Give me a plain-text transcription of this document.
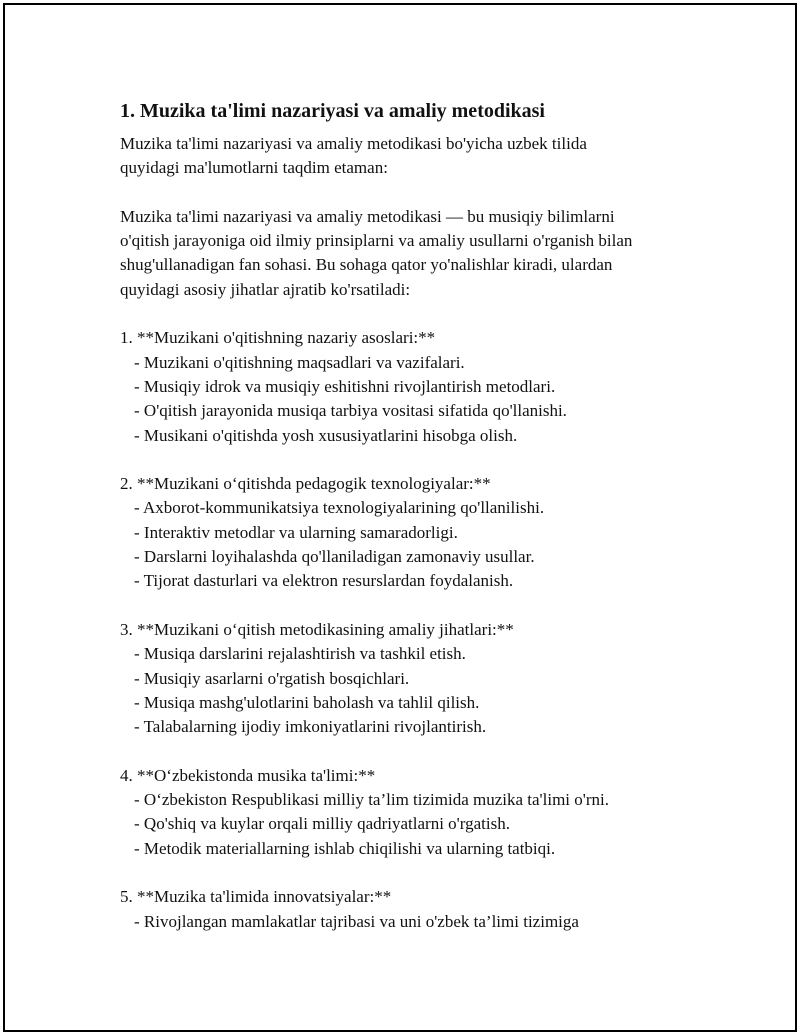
1. Muzika ta'limi nazariyasi va amaliy metodikasi
Muzika ta'limi nazariyasi va amaliy metodikasi bo'yicha uzbek tilida
quyidagi ma'lumotlarni taqdim etaman:
Muzika ta'limi nazariyasi va amaliy metodikasi — bu musiqiy bilimlarni
o'qitish jarayoniga oid ilmiy prinsiplarni va amaliy usullarni o'rganish bilan
shug'ullanadigan fan sohasi. Bu sohaga qator yo'nalishlar kiradi, ulardan
quyidagi asosiy jihatlar ajratib ko'rsatiladi:
1. **Muzikani o'qitishning nazariy asoslari:**
- Muzikani o'qitishning maqsadlari va vazifalari.
- Musiqiy idrok va musiqiy eshitishni rivojlantirish metodlari.
- O'qitish jarayonida musiqa tarbiya vositasi sifatida qo'llanishi.
- Musikani o'qitishda yosh xususiyatlarini hisobga olish.
2. **Muzikani o‘qitishda pedagogik texnologiyalar:**
- Axborot-kommunikatsiya texnologiyalarining qo'llanilishi.
- Interaktiv metodlar va ularning samaradorligi.
- Darslarni loyihalashda qo'llaniladigan zamonaviy usullar.
- Tijorat dasturlari va elektron resurslardan foydalanish.
3. **Muzikani o‘qitish metodikasining amaliy jihatlari:**
- Musiqa darslarini rejalashtirish va tashkil etish.
- Musiqiy asarlarni o'rgatish bosqichlari.
- Musiqa mashg'ulotlarini baholash va tahlil qilish.
- Talabalarning ijodiy imkoniyatlarini rivojlantirish.
4. **O‘zbekistonda musika ta'limi:**
- O‘zbekiston Respublikasi milliy ta’lim tizimida muzika ta'limi o'rni.
- Qo'shiq va kuylar orqali milliy qadriyatlarni o'rgatish.
- Metodik materiallarning ishlab chiqilishi va ularning tatbiqi.
5. **Muzika ta'limida innovatsiyalar:**
- Rivojlangan mamlakatlar tajribasi va uni o'zbek ta’limi tizimiga
